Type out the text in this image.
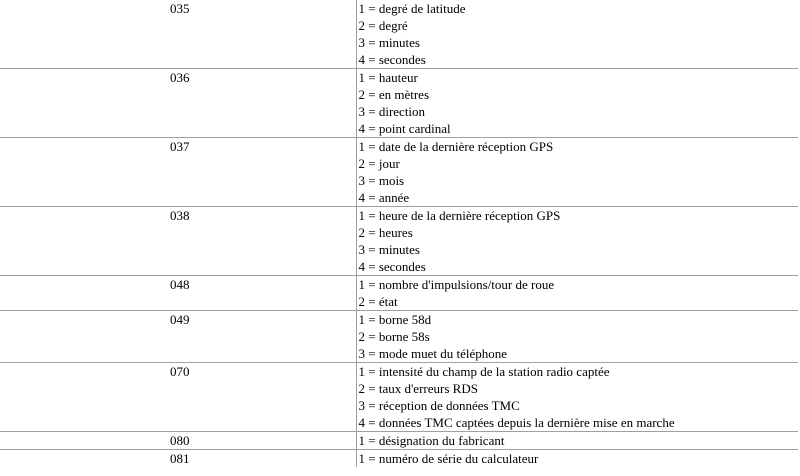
035	1 = degré de latitude
2 = degré
3 = minutes
4 = secondes

036	1 = hauteur
2 = en mètres
3 = direction
4 = point cardinal

037	1 = date de la dernière réception GPS
2 = jour
3 = mois
4 = année

038	1 = heure de la dernière réception GPS
2 = heures
3 = minutes
4 = secondes

048	1 = nombre d'impulsions/tour de roue
2 = état

049	1 = borne 58d
2 = borne 58s
3 = mode muet du téléphone

070	1 = intensité du champ de la station radio captée
2 = taux d'erreurs RDS
3 = réception de données TMC
4 = données TMC captées depuis la dernière mise en marche

080	1 = désignation du fabricant

081	1 = numéro de série du calculateur
